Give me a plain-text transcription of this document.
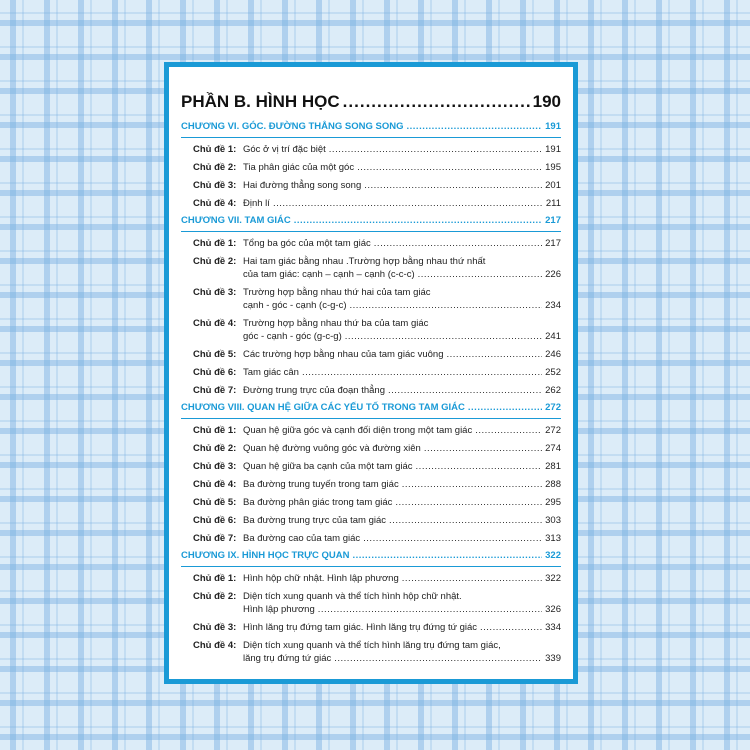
PHẦN B. HÌNH HỌC .....	190
CHƯƠNG VI. GÓC. ĐƯỜNG THẲNG SONG SONG .....	191
Chủ đề 1: Góc ở vị trí đặc biệt .....	191
Chủ đề 2: Tia phân giác của một góc .....	195
Chủ đề 3: Hai đường thẳng song song .....	201
Chủ đề 4: Định lí .....	211
CHƯƠNG VII. TAM GIÁC .....	217
Chủ đề 1: Tổng ba góc của một tam giác .....	217
Chủ đề 2: Hai tam giác bằng nhau .Trường hợp bằng nhau thứ nhất
của tam giác: cạnh – cạnh – cạnh (c-c-c) .....	226
Chủ đề 3: Trường hợp bằng nhau thứ hai của tam giác
cạnh - góc - cạnh (c-g-c) .....	234
Chủ đề 4: Trường hợp bằng nhau thứ ba của tam giác
góc - cạnh - góc (g-c-g) .....	241
Chủ đề 5: Các trường hợp bằng nhau của tam giác vuông .....	246
Chủ đề 6: Tam giác cân .....	252
Chủ đề 7: Đường trung trực của đoạn thẳng .....	262
CHƯƠNG VIII. QUAN HỆ GIỮA CÁC YẾU TỐ TRONG TAM GIÁC .....	272
Chủ đề 1: Quan hệ giữa góc và cạnh đối diện trong một tam giác .....	272
Chủ đề 2: Quan hệ đường vuông góc và đường xiên .....	274
Chủ đề 3: Quan hệ giữa ba cạnh của một tam giác .....	281
Chủ đề 4: Ba đường trung tuyến trong tam giác .....	288
Chủ đề 5: Ba đường phân giác trong tam giác .....	295
Chủ đề 6: Ba đường trung trực của tam giác .....	303
Chủ đề 7: Ba đường cao của tam giác .....	313
CHƯƠNG IX. HÌNH HỌC TRỰC QUAN .....	322
Chủ đề 1: Hình hộp chữ nhật. Hình lập phương .....	322
Chủ đề 2: Diện tích xung quanh và thể tích hình hộp chữ nhật.
Hình lập phương .....	326
Chủ đề 3: Hình lăng trụ đứng tam giác. Hình lăng trụ đứng tứ giác .....	334
Chủ đề 4: Diện tích xung quanh và thể tích hình lăng trụ đứng tam giác,
lăng trụ đứng tứ giác .....	339
